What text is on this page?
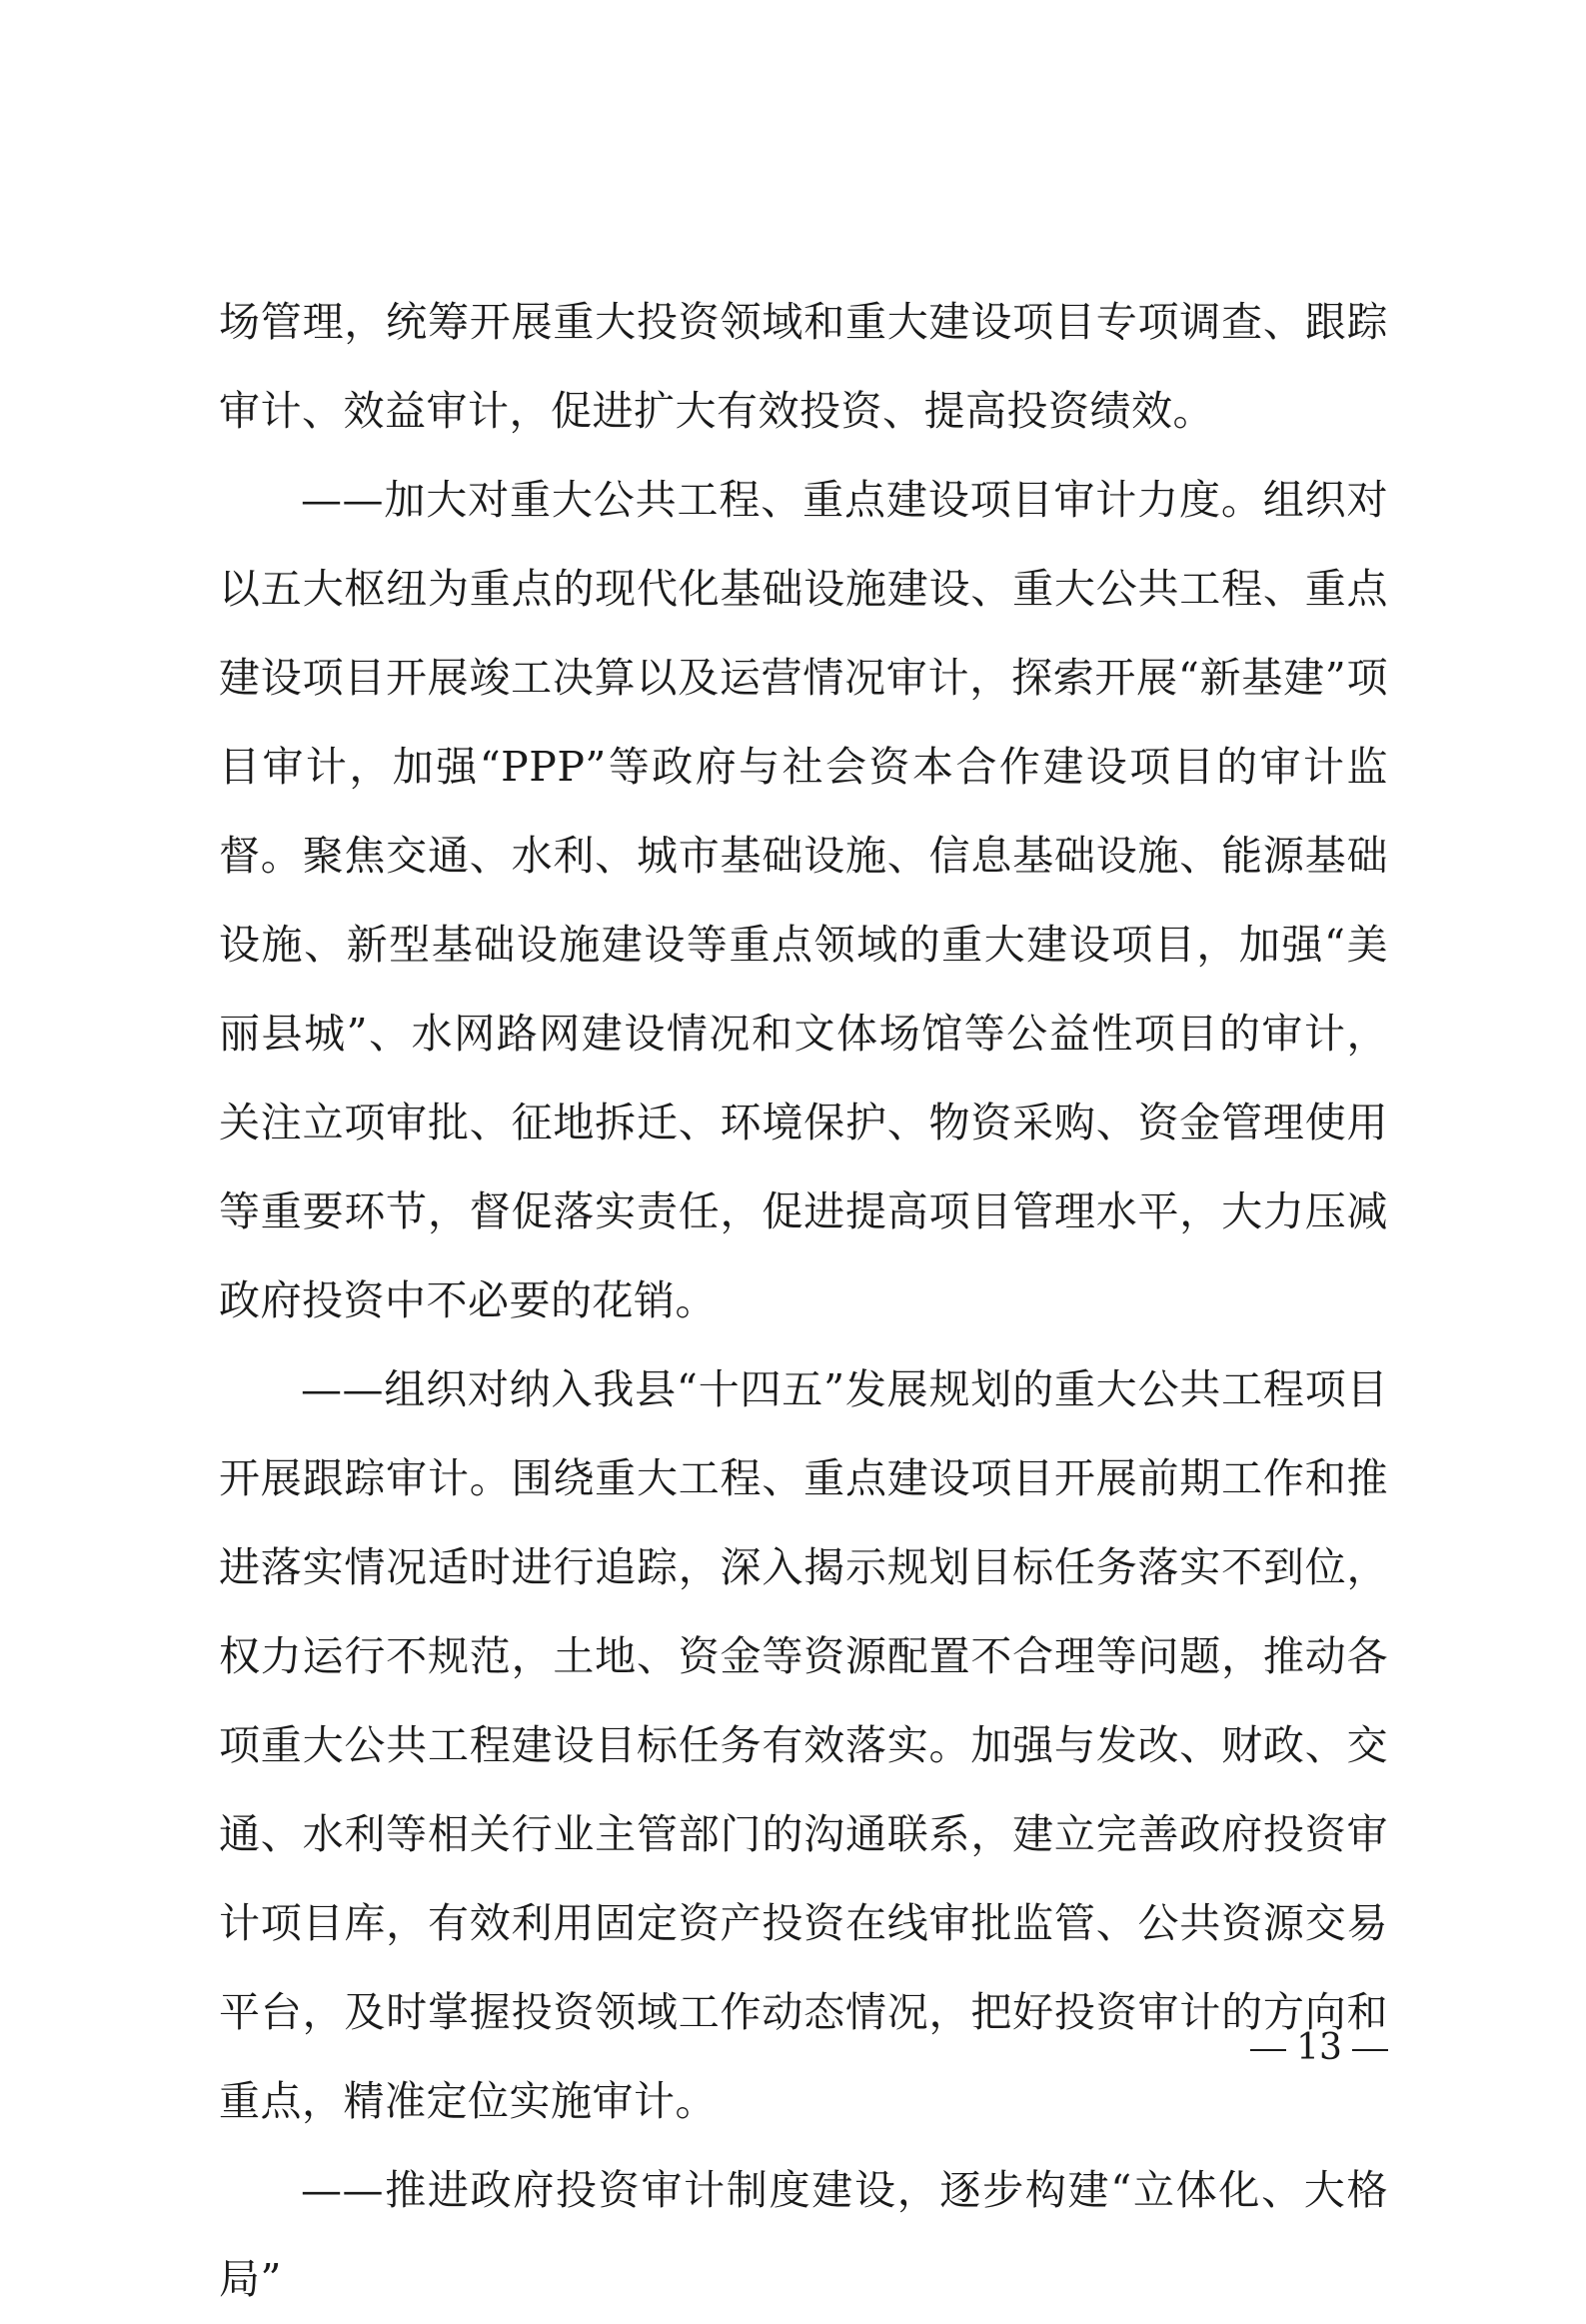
场管理，统筹开展重大投资领域和重大建设项目专项调查、跟踪审计、效益审计，促进扩大有效投资、提高投资绩效。

——加大对重大公共工程、重点建设项目审计力度。组织对以五大枢纽为重点的现代化基础设施建设、重大公共工程、重点建设项目开展竣工决算以及运营情况审计，探索开展“新基建”项目审计，加强“PPP”等政府与社会资本合作建设项目的审计监督。聚焦交通、水利、城市基础设施、信息基础设施、能源基础设施、新型基础设施建设等重点领域的重大建设项目，加强“美丽县城”、水网路网建设情况和文体场馆等公益性项目的审计，关注立项审批、征地拆迁、环境保护、物资采购、资金管理使用等重要环节，督促落实责任，促进提高项目管理水平，大力压减政府投资中不必要的花销。

——组织对纳入我县“十四五”发展规划的重大公共工程项目开展跟踪审计。围绕重大工程、重点建设项目开展前期工作和推进落实情况适时进行追踪，深入揭示规划目标任务落实不到位，权力运行不规范，土地、资金等资源配置不合理等问题，推动各项重大公共工程建设目标任务有效落实。加强与发改、财政、交通、水利等相关行业主管部门的沟通联系，建立完善政府投资审计项目库，有效利用固定资产投资在线审批监管、公共资源交易平台，及时掌握投资领域工作动态情况，把好投资审计的方向和重点，精准定位实施审计。

——推进政府投资审计制度建设，逐步构建“立体化、大格局”

13
